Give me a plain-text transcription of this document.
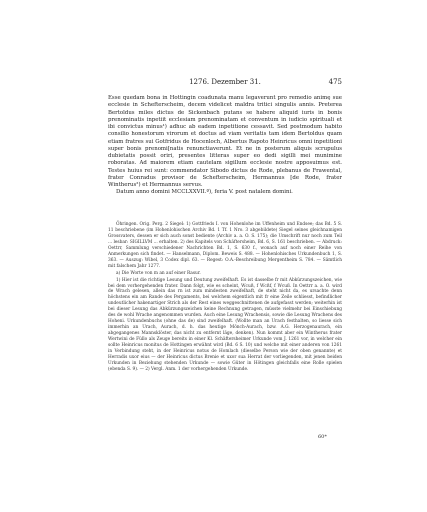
1276. Dezember 31.	475

Esse quedam bona in Hottingin coadunata manu legaverunt pro remedio animę sue ecclesie in Schefterscheim, decem videlicet maldra tritici singulis annis. Preterea Bertoldus miles dictus de Sickenbach putans se habere aliquid iuris in bonis prenominatis inpetiit ecclesiam prenominatam et conventum in iudicio spirituali et ibi convictus minus¹) adhuc ab eadem inpetitione cessavit. Sed postmodum habito consilio honestorum virorum et doctus ad viam veritatis tam idem Bertoldus quam etiam fratres sui Gotfridus de Hocenloch, Albertus Rapoto Heinricus omni inpetitioni super bonis prenomi[natis renunctiaverunt. Et ne in posterum aliquis scrupulus dubietatis possit oriri, presentes litteras super eo dedi sigilli mei munimine roboratas. Ad maiorem etiam cautelam sigillum ecclesie nostre apposuimus est. Testes huius rei sunt: commendator Sibodo dictus de Rode, plebanus de Frawental, frater Conradus provisor de Schefterscheim, Hermannus [de Rode, frater Wintherus²) et Hermannus servus.

Datum anno domini MCCLXXVII.º), feria V. post natalem domini.

Öhringen. Orig. Perg. 2 Siegel: 1) Gottfrieds I. von Hohenlohe im Uffenheim und Endsee; das Bd. 5 S. 11 beschriebene (im Hohenlohischen Archiv Bd. 1 Tf. 1 Nro. 3 abgebildete) Siegel seines gleichnamigen Grossvaters, dessen er sich auch sonst bediente (Archiv a. a. O. S. 175); die Umschrift nur noch zum Teil ... lesbar: SIGILLVM ... erhalten. 2) des Kapitels von Schäftersheim, Bd. 6, S. 161 beschrieben. — Abdruck: Oettrr, Sammlung verschiedener Nachrichten Bd. 1, S. 630 f., wonach auf noch einer Reihe von Anmerkungen sich findet. — Hanselmann, Diplom. Beweis S. 488. — Hohenlohisches Urkundenbuch 1, S. 363. — Auszug: Wibel, 3 Codex dipl. 63. — Regest: O.A.-Beschreibung Mergentheim S. 784. — Sämtlich mit falschem Jahr 1277.

a) Die Worte von m an auf einer Rasur.

1) Hier ist die richtige Lesung und Deutung zweifelhaft. Es ist dasselbe fr mit Abkürzungszeichen, wie bei dem vorhergehenden frater. Dann folgt, wie es scheint, Wcuß, f Wcßf, f Wcuß. In Oettrr a. a. O. wird de Wrach gelesen, allein das rn ist zum mindesten zweifelhaft, de steht nicht da, es ursachte denn höchstens ein am Rande des Pergaments, bei welchem eigentlich mit fr eine Zeile schliesst, befindlicher undeutlicher hakenartiger Strich als der Rest eines weggeschnittenen de aufgefasst werden; weiterhin ist bei dieser Lesung das Abkürzungszeichen keine Rechnung getragen, müsste vielmehr bei Einschiebung des de wohl Wrache angenommen wurden. Auch eine Lesung Wrachensis, sowie die Lesung Wrachens des Hoheni. Urkundenbuchs (ohne das de) sind zweifelhaft. (Wollte man an Urach festhalten, so liesse sich immerhin an Urach, Aurach, d. h. das heutige Mönch-Aurach, bzw. A.G. Herzogenaurach, ein abgegangenes Mannsklöster, das nicht zu entfernt läge, denken). Nun kommt aber ein Wintherus frater Wertwini de Füllo als Zeuge bereits in einer Kl. Schäftersheimer Urkunde vom J. 1261 vor, in welcher ein sollte Heinricus monitus de Hottingen erwähnt wird (Bd. 6 S. 10) und welche mit einer anderen von 1261 in Verbindung steht, in der Heinricus notus de Homlach (dieselbe Person wie der oben genannte) et Herradis uxor eius — der Heinricus dictus Brenie et uxor sua Herrat der vorliegenden, mit jenen beiden Urkunden in Beziehung stehenden Urkunde — sowie Güter in Hötingen gleichfalls eine Rolle spielen (ebenda S. 9). — 2) Vergl. Anm. 1 der vorhergehenden Urkunde.

60*
